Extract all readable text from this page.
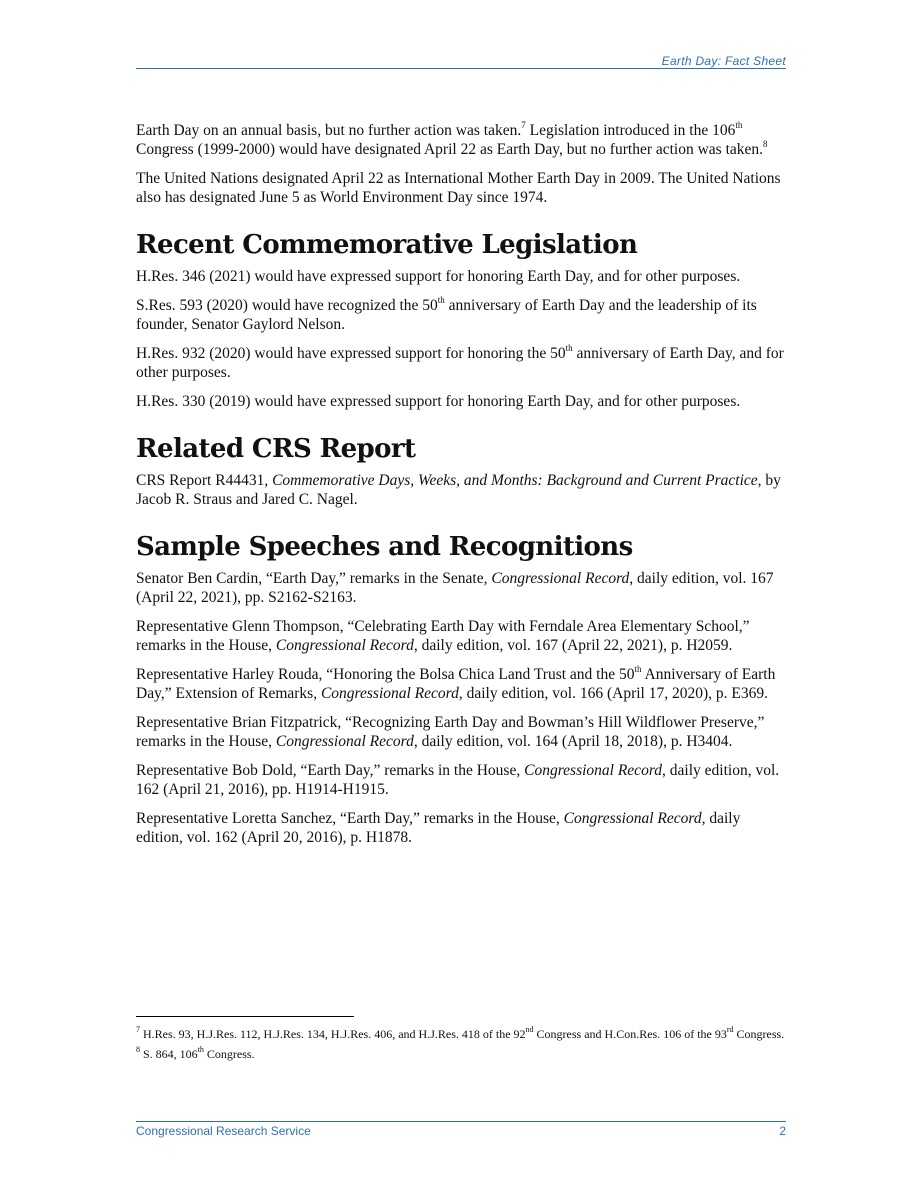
Earth Day: Fact Sheet

Earth Day on an annual basis, but no further action was taken.$^7$ Legislation introduced in the 106th Congress (1999-2000) would have designated April 22 as Earth Day, but no further action was taken.$^8$

The United Nations designated April 22 as International Mother Earth Day in 2009. The United Nations also has designated June 5 as World Environment Day since 1974.

Recent Commemorative Legislation

H.Res. 346 (2021) would have expressed support for honoring Earth Day, and for other purposes.

S.Res. 593 (2020) would have recognized the 50th anniversary of Earth Day and the leadership of its founder, Senator Gaylord Nelson.

H.Res. 932 (2020) would have expressed support for honoring the 50th anniversary of Earth Day, and for other purposes.

H.Res. 330 (2019) would have expressed support for honoring Earth Day, and for other purposes.

Related CRS Report

CRS Report R44431, Commemorative Days, Weeks, and Months: Background and Current Practice, by Jacob R. Straus and Jared C. Nagel.

Sample Speeches and Recognitions

Senator Ben Cardin, “Earth Day,” remarks in the Senate, Congressional Record, daily edition, vol. 167 (April 22, 2021), pp. S2162-S2163.

Representative Glenn Thompson, “Celebrating Earth Day with Ferndale Area Elementary School,” remarks in the House, Congressional Record, daily edition, vol. 167 (April 22, 2021), p. H2059.

Representative Harley Rouda, “Honoring the Bolsa Chica Land Trust and the 50th Anniversary of Earth Day,” Extension of Remarks, Congressional Record, daily edition, vol. 166 (April 17, 2020), p. E369.

Representative Brian Fitzpatrick, “Recognizing Earth Day and Bowman’s Hill Wildflower Preserve,” remarks in the House, Congressional Record, daily edition, vol. 164 (April 18, 2018), p. H3404.

Representative Bob Dold, “Earth Day,” remarks in the House, Congressional Record, daily edition, vol. 162 (April 21, 2016), pp. H1914-H1915.

Representative Loretta Sanchez, “Earth Day,” remarks in the House, Congressional Record, daily edition, vol. 162 (April 20, 2016), p. H1878.

$^7$ H.Res. 93, H.J.Res. 112, H.J.Res. 134, H.J.Res. 406, and H.J.Res. 418 of the 92nd Congress and H.Con.Res. 106 of the 93rd Congress.

$^8$ S. 864, 106th Congress.

Congressional Research Service	2
